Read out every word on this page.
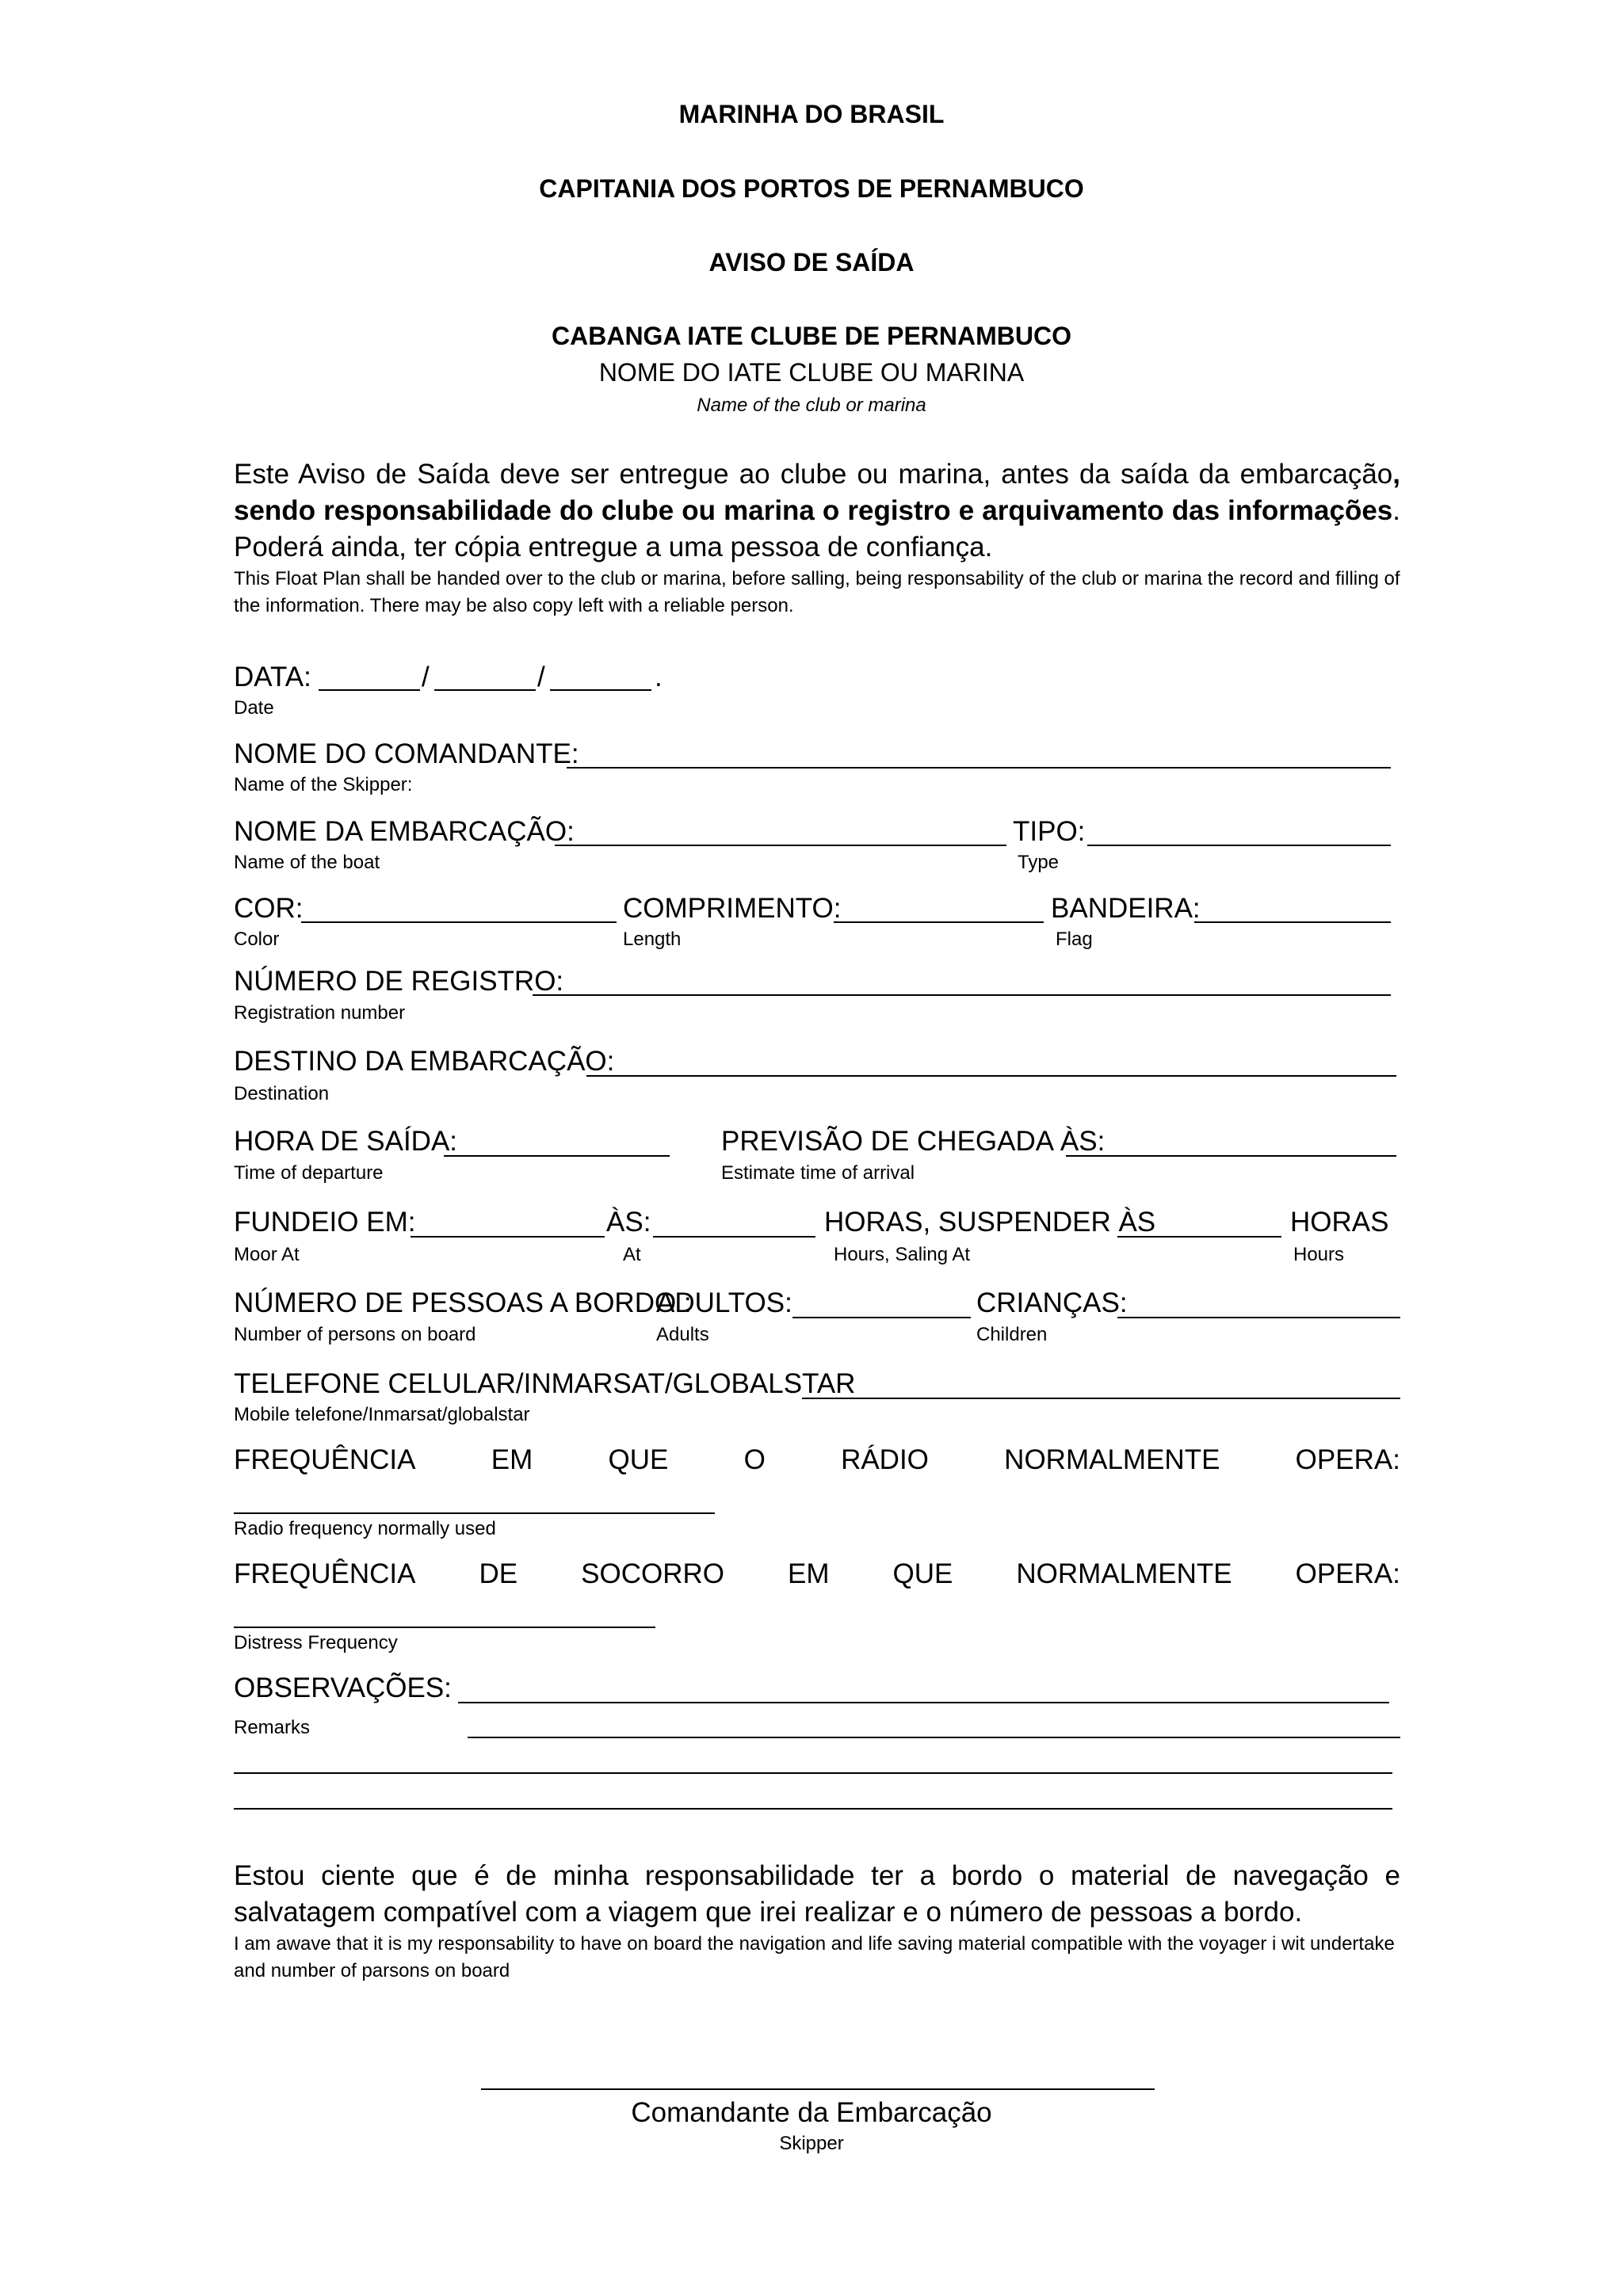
MARINHA DO BRASIL
CAPITANIA DOS PORTOS DE PERNAMBUCO
AVISO DE SAÍDA
CABANGA IATE CLUBE DE PERNAMBUCO
NOME DO IATE CLUBE OU MARINA
Name of the club or marina
Este Aviso de Saída deve ser entregue ao clube ou marina, antes da saída da embarcação, sendo responsabilidade do clube ou marina o registro e arquivamento das informações. Poderá ainda, ter cópia entregue a uma pessoa de confiança.
This Float Plan shall be handed over to the club or marina, before salling, being responsability of the club or marina the record and filling of the information. There may be also copy left with a reliable person.
DATA:	/	/	.
Date
NOME DO COMANDANTE:
Name of the Skipper:
NOME DA EMBARCAÇÃO:	TIPO:
Name of the boat	Type
COR:	COMPRIMENTO:	BANDEIRA:
Color	Length	Flag
NÚMERO DE REGISTRO:
Registration number
DESTINO DA EMBARCAÇÃO:
Destination
HORA DE SAÍDA:	PREVISÃO DE CHEGADA ÀS:
Time of departure	Estimate time of arrival
FUNDEIO EM:	ÀS:	HORAS, SUSPENDER ÀS	HORAS
Moor At	At	Hours, Saling At	Hours
NÚMERO DE PESSOAS A BORDO :
ADULTOS:	CRIANÇAS:
Number of persons on board	Adults	Children
TELEFONE CELULAR/INMARSAT/GLOBALSTAR
Mobile telefone/Inmarsat/globalstar
FREQUÊNCIA	EM	QUE	O	RÁDIO	NORMALMENTE	OPERA:
Radio frequency normally used
FREQUÊNCIA DE SOCORRO EM QUE NORMALMENTE OPERA:
Distress Frequency
OBSERVAÇÕES:
Remarks
Estou ciente que é de minha responsabilidade ter a bordo o material de navegação e salvatagem compatível com a viagem que irei realizar e o número de pessoas a bordo.
I am awave that it is my responsability to have on board the navigation and life saving material compatible with the voyager i wit undertake and number of parsons on board
Comandante da Embarcação
Skipper
